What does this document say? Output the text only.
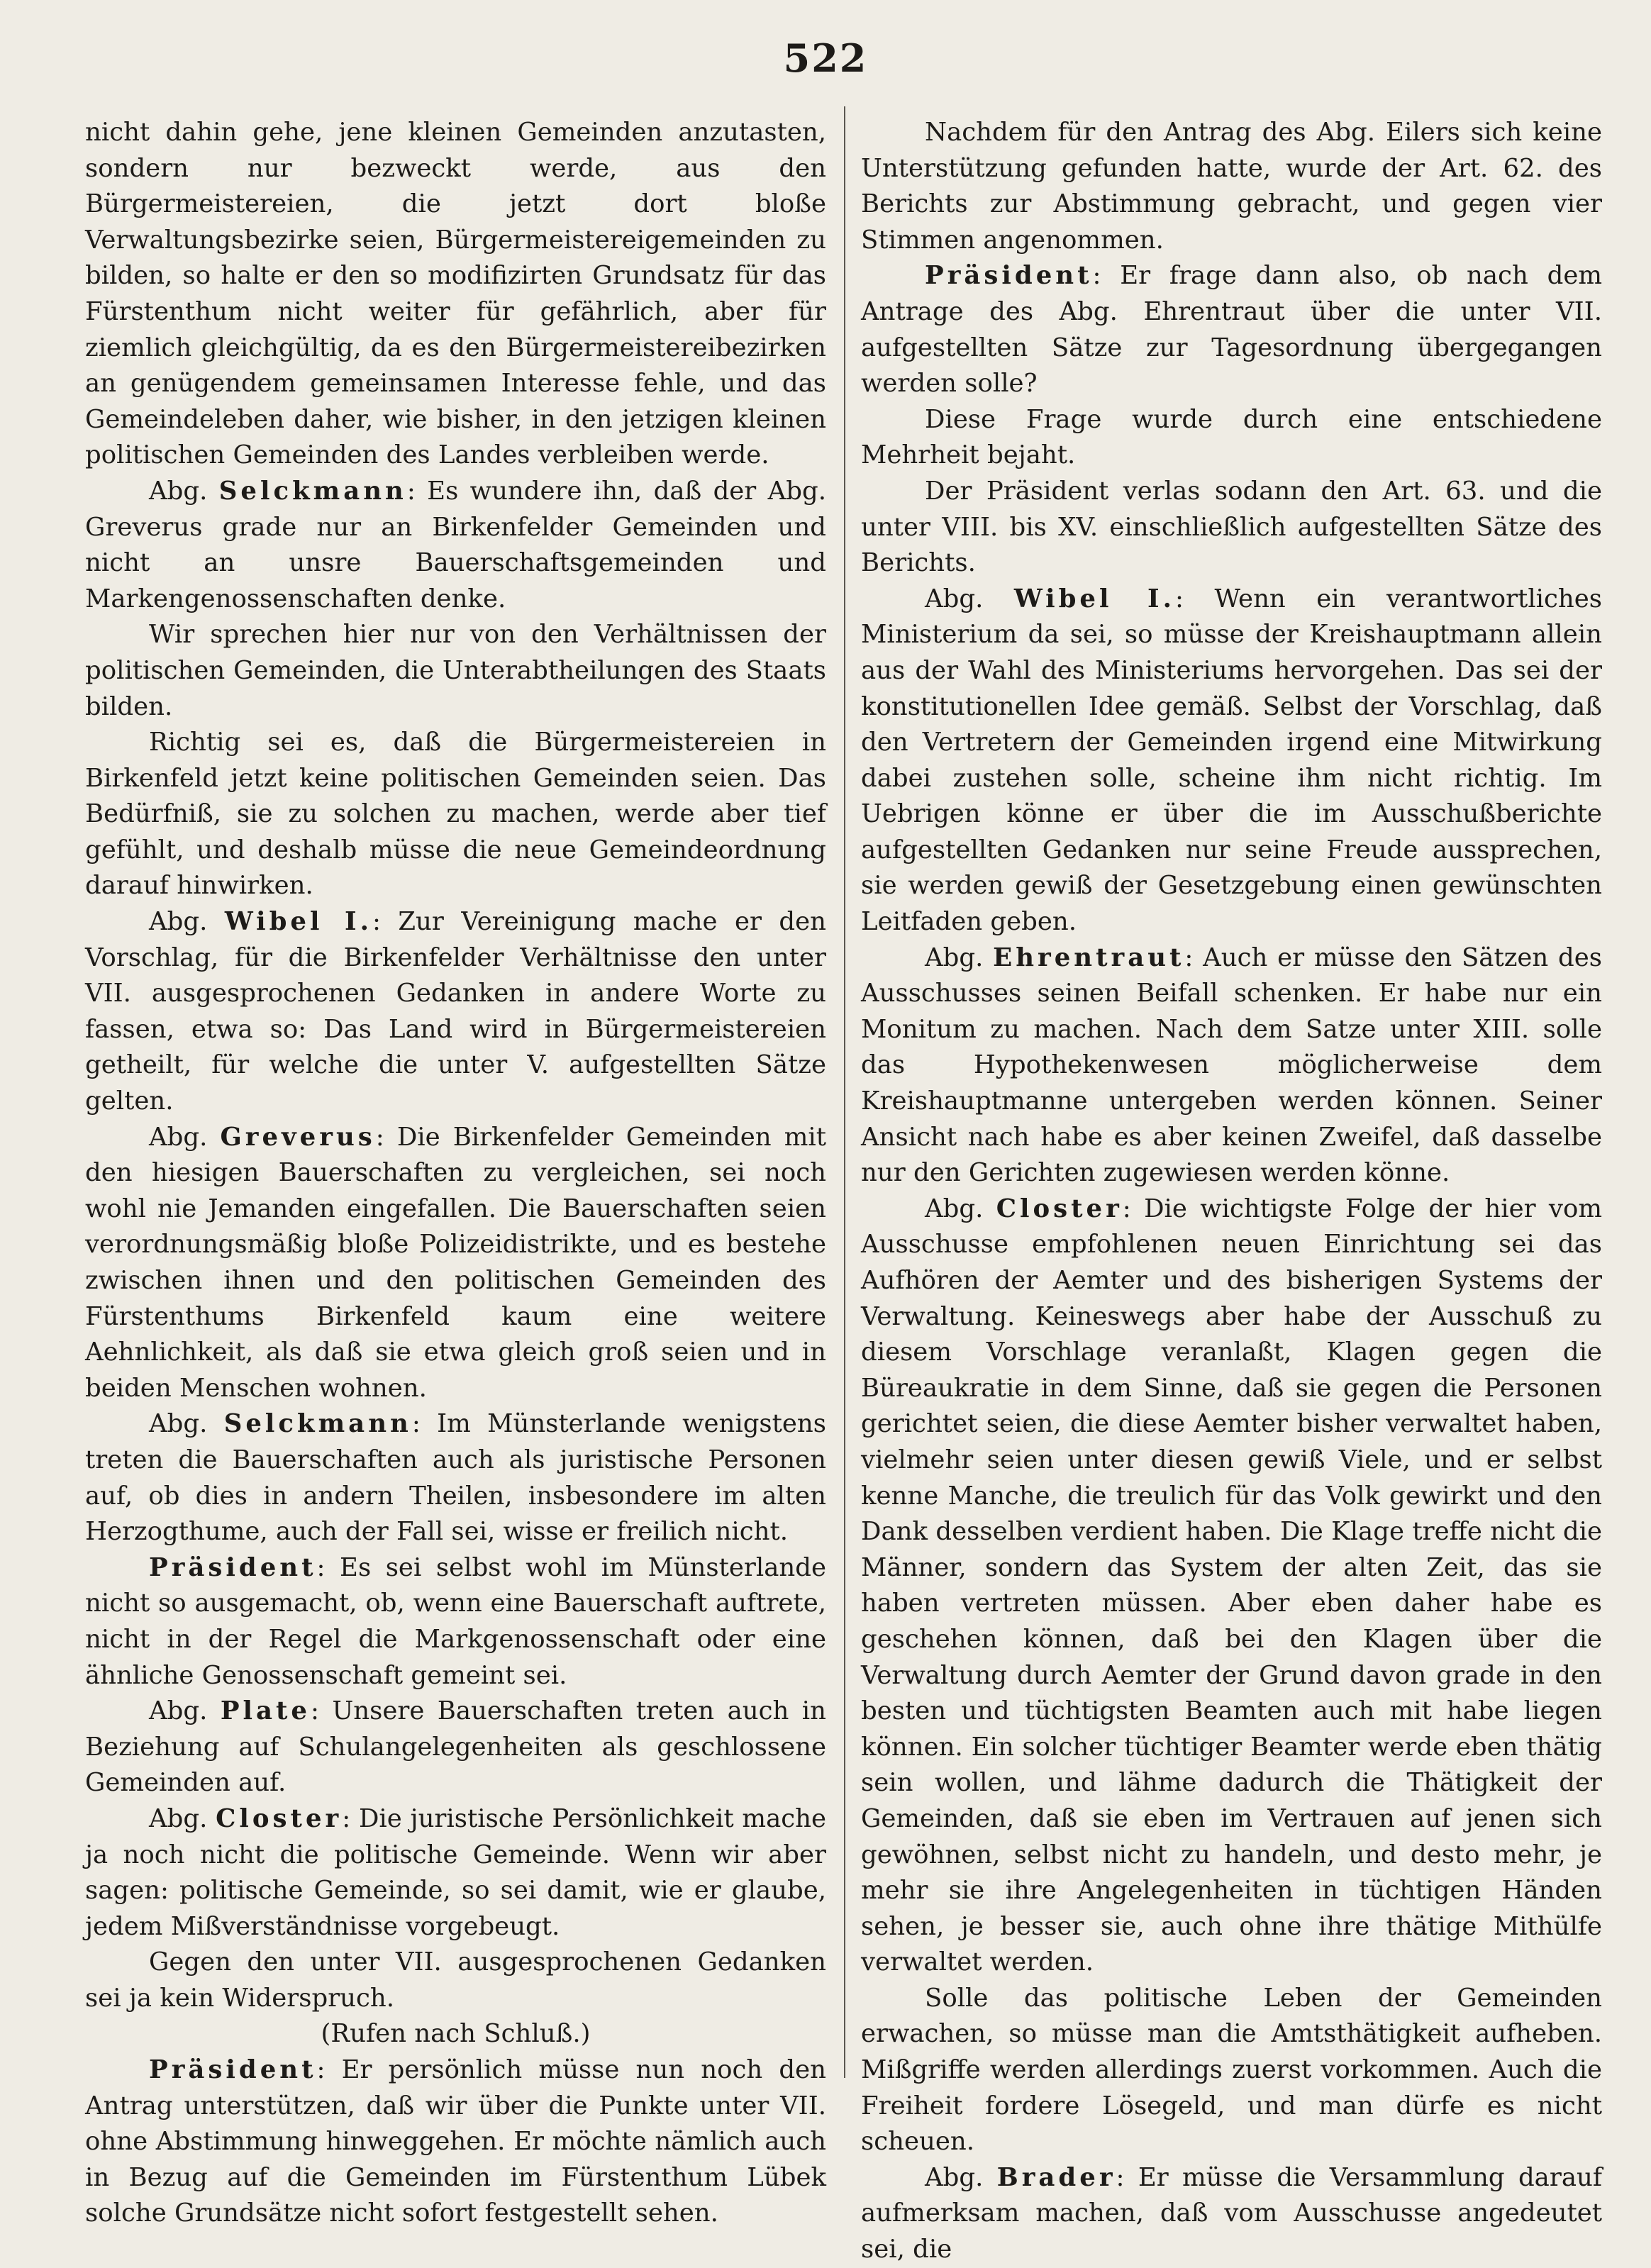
522

nicht dahin gehe, jene kleinen Gemeinden anzutasten, sondern nur bezweckt werde, aus den Bürgermeistereien, die jetzt dort bloße Verwaltungsbezirke seien, Bürgermeistereigemeinden zu bilden, so halte er den so modifizirten Grundsatz für das Fürstenthum nicht weiter für gefährlich, aber für ziemlich gleichgültig, da es den Bürgermeistereibezirken an genügendem gemeinsamen Interesse fehle, und das Gemeindeleben daher, wie bisher, in den jetzigen kleinen politischen Gemeinden des Landes verbleiben werde.

Abg. Selckmann: Es wundere ihn, daß der Abg. Greverus grade nur an Birkenfelder Gemeinden und nicht an unsre Bauerschaftsgemeinden und Markengenossenschaften denke.

Wir sprechen hier nur von den Verhältnissen der politischen Gemeinden, die Unterabtheilungen des Staats bilden.

Richtig sei es, daß die Bürgermeistereien in Birkenfeld jetzt keine politischen Gemeinden seien. Das Bedürfniß, sie zu solchen zu machen, werde aber tief gefühlt, und deshalb müsse die neue Gemeindeordnung darauf hinwirken.

Abg. Wibel I.: Zur Vereinigung mache er den Vorschlag, für die Birkenfelder Verhältnisse den unter VII. ausgesprochenen Gedanken in andere Worte zu fassen, etwa so: Das Land wird in Bürgermeistereien getheilt, für welche die unter V. aufgestellten Sätze gelten.

Abg. Greverus: Die Birkenfelder Gemeinden mit den hiesigen Bauerschaften zu vergleichen, sei noch wohl nie Jemanden eingefallen. Die Bauerschaften seien verordnungsmäßig bloße Polizeidistrikte, und es bestehe zwischen ihnen und den politischen Gemeinden des Fürstenthums Birkenfeld kaum eine weitere Aehnlichkeit, als daß sie etwa gleich groß seien und in beiden Menschen wohnen.

Abg. Selckmann: Im Münsterlande wenigstens treten die Bauerschaften auch als juristische Personen auf, ob dies in andern Theilen, insbesondere im alten Herzogthume, auch der Fall sei, wisse er freilich nicht.

Präsident: Es sei selbst wohl im Münsterlande nicht so ausgemacht, ob, wenn eine Bauerschaft auftrete, nicht in der Regel die Markgenossenschaft oder eine ähnliche Genossenschaft gemeint sei.

Abg. Plate: Unsere Bauerschaften treten auch in Beziehung auf Schulangelegenheiten als geschlossene Gemeinden auf.

Abg. Closter: Die juristische Persönlichkeit mache ja noch nicht die politische Gemeinde. Wenn wir aber sagen: politische Gemeinde, so sei damit, wie er glaube, jedem Mißverständnisse vorgebeugt.

Gegen den unter VII. ausgesprochenen Gedanken sei ja kein Widerspruch.

(Rufen nach Schluß.)

Präsident: Er persönlich müsse nun noch den Antrag unterstützen, daß wir über die Punkte unter VII. ohne Abstimmung hinweggehen. Er möchte nämlich auch in Bezug auf die Gemeinden im Fürstenthum Lübek solche Grundsätze nicht sofort festgestellt sehen.

Nachdem für den Antrag des Abg. Eilers sich keine Unterstützung gefunden hatte, wurde der Art. 62. des Berichts zur Abstimmung gebracht, und gegen vier Stimmen angenommen.

Präsident: Er frage dann also, ob nach dem Antrage des Abg. Ehrentraut über die unter VII. aufgestellten Sätze zur Tagesordnung übergegangen werden solle?

Diese Frage wurde durch eine entschiedene Mehrheit bejaht.

Der Präsident verlas sodann den Art. 63. und die unter VIII. bis XV. einschließlich aufgestellten Sätze des Berichts.

Abg. Wibel I.: Wenn ein verantwortliches Ministerium da sei, so müsse der Kreishauptmann allein aus der Wahl des Ministeriums hervorgehen. Das sei der konstitutionellen Idee gemäß. Selbst der Vorschlag, daß den Vertretern der Gemeinden irgend eine Mitwirkung dabei zustehen solle, scheine ihm nicht richtig. Im Uebrigen könne er über die im Ausschußberichte aufgestellten Gedanken nur seine Freude aussprechen, sie werden gewiß der Gesetzgebung einen gewünschten Leitfaden geben.

Abg. Ehrentraut: Auch er müsse den Sätzen des Ausschusses seinen Beifall schenken. Er habe nur ein Monitum zu machen. Nach dem Satze unter XIII. solle das Hypothekenwesen möglicherweise dem Kreishauptmanne untergeben werden können. Seiner Ansicht nach habe es aber keinen Zweifel, daß dasselbe nur den Gerichten zugewiesen werden könne.

Abg. Closter: Die wichtigste Folge der hier vom Ausschusse empfohlenen neuen Einrichtung sei das Aufhören der Aemter und des bisherigen Systems der Verwaltung. Keineswegs aber habe der Ausschuß zu diesem Vorschlage veranlaßt, Klagen gegen die Büreaukratie in dem Sinne, daß sie gegen die Personen gerichtet seien, die diese Aemter bisher verwaltet haben, vielmehr seien unter diesen gewiß Viele, und er selbst kenne Manche, die treulich für das Volk gewirkt und den Dank desselben verdient haben. Die Klage treffe nicht die Männer, sondern das System der alten Zeit, das sie haben vertreten müssen. Aber eben daher habe es geschehen können, daß bei den Klagen über die Verwaltung durch Aemter der Grund davon grade in den besten und tüchtigsten Beamten auch mit habe liegen können. Ein solcher tüchtiger Beamter werde eben thätig sein wollen, und lähme dadurch die Thätigkeit der Gemeinden, daß sie eben im Vertrauen auf jenen sich gewöhnen, selbst nicht zu handeln, und desto mehr, je mehr sie ihre Angelegenheiten in tüchtigen Händen sehen, je besser sie, auch ohne ihre thätige Mithülfe verwaltet werden.

Solle das politische Leben der Gemeinden erwachen, so müsse man die Amtsthätigkeit aufheben. Mißgriffe werden allerdings zuerst vorkommen. Auch die Freiheit fordere Lösegeld, und man dürfe es nicht scheuen.

Abg. Brader: Er müsse die Versammlung darauf aufmerksam machen, daß vom Ausschusse angedeutet sei, die
